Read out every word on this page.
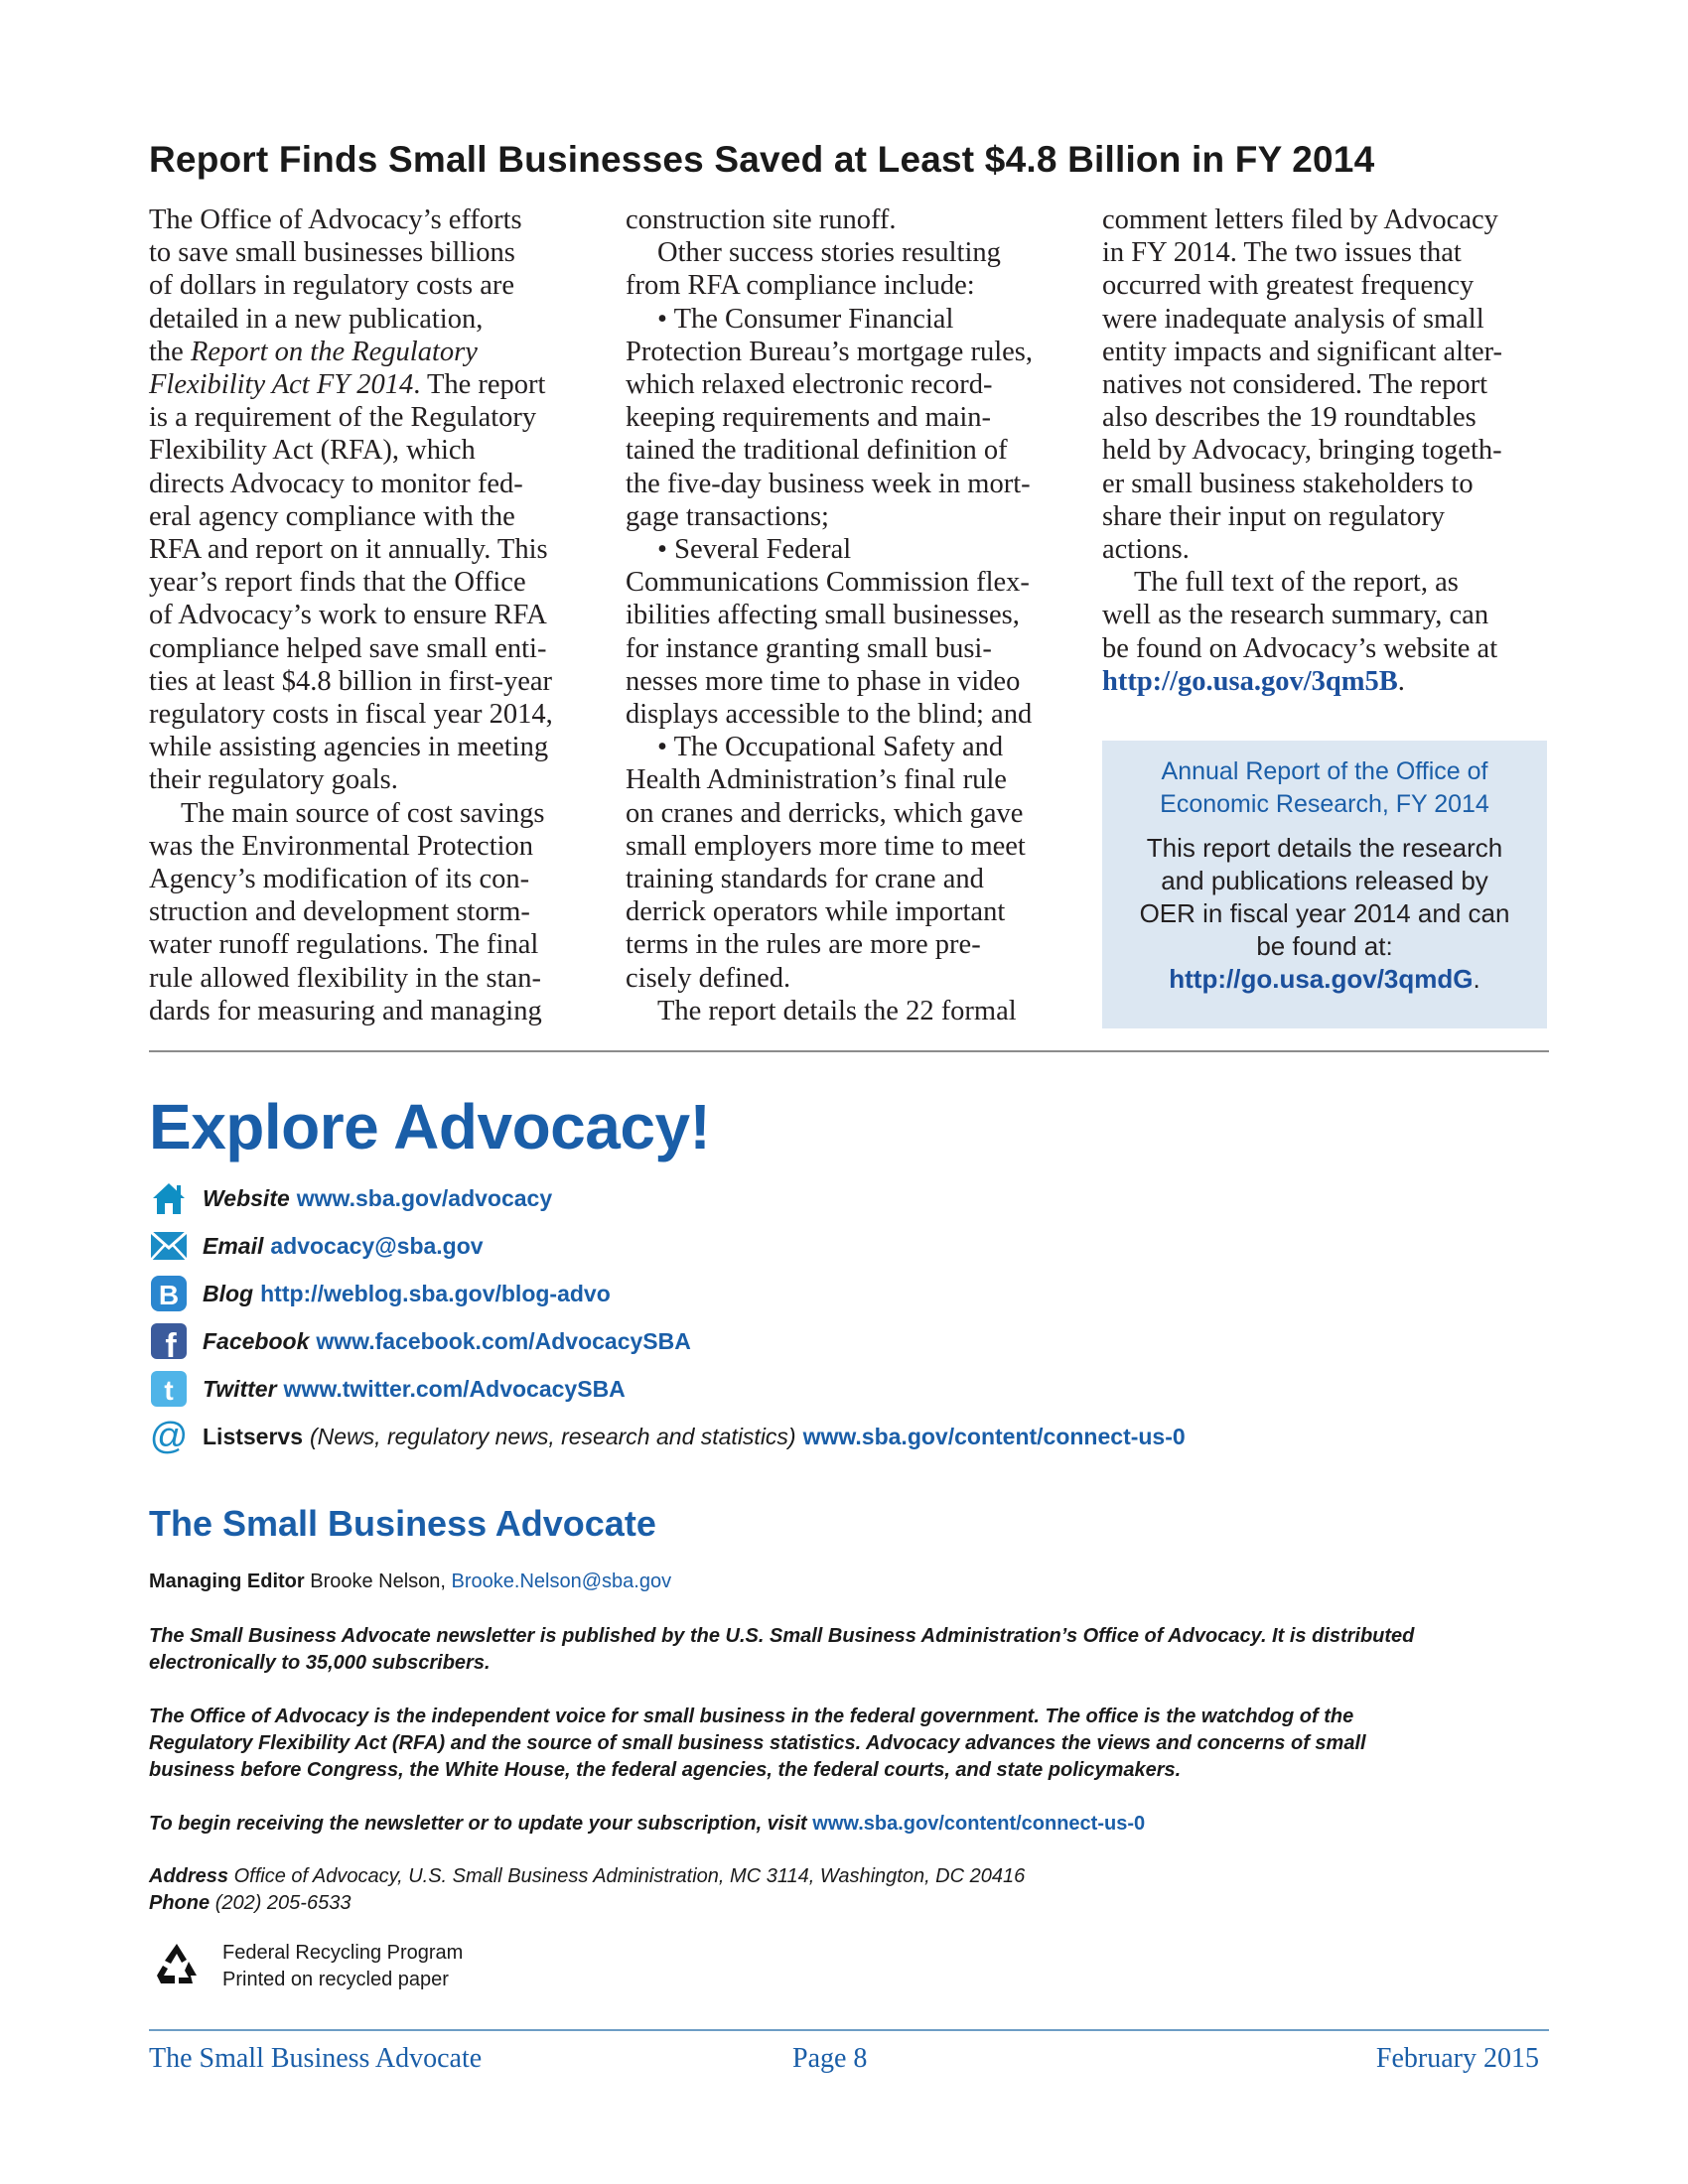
Report Finds Small Businesses Saved at Least $4.8 Billion in FY 2014

The Office of Advocacy’s efforts
to save small businesses billions
of dollars in regulatory costs are
detailed in a new publication,
the Report on the Regulatory
Flexibility Act FY 2014. The report
is a requirement of the Regulatory
Flexibility Act (RFA), which
directs Advocacy to monitor fed-
eral agency compliance with the
RFA and report on it annually. This
year’s report finds that the Office
of Advocacy’s work to ensure RFA
compliance helped save small enti-
ties at least $4.8 billion in first-year
regulatory costs in fiscal year 2014,
while assisting agencies in meeting
their regulatory goals.

The main source of cost savings

was the Environmental Protection
Agency’s modification of its con-
struction and development storm-
water runoff regulations. The final
rule allowed flexibility in the stan-
dards for measuring and managing

construction site runoff.

Other success stories resulting

from RFA compliance include:

• The Consumer Financial

Protection Bureau’s mortgage rules,
which relaxed electronic record-
keeping requirements and main-
tained the traditional definition of
the five-day business week in mort-
gage transactions;

• Several Federal

Communications Commission flex-
ibilities affecting small businesses,
for instance granting small busi-
nesses more time to phase in video
displays accessible to the blind; and

• The Occupational Safety and

Health Administration’s final rule
on cranes and derricks, which gave
small employers more time to meet
training standards for crane and
derrick operators while important
terms in the rules are more pre-
cisely defined.

The report details the 22 formal

comment letters filed by Advocacy
in FY 2014. The two issues that
occurred with greatest frequency
were inadequate analysis of small
entity impacts and significant alter-
natives not considered. The report
also describes the 19 roundtables
held by Advocacy, bringing togeth-
er small business stakeholders to
share their input on regulatory
actions.

The full text of the report, as

well as the research summary, can
be found on Advocacy’s website at
http://go.usa.gov/3qm5B.

Annual Report of the Office of
Economic Research, FY 2014
This report details the research
and publications released by
OER in fiscal year 2014 and can
be found at:
http://go.usa.gov/3qmdG.
Explore Advocacy!
Website www.sba.gov/advocacy
Email advocacy@sba.gov
B Blog http://weblog.sba.gov/blog-advo
f Facebook www.facebook.com/AdvocacySBA
t Twitter www.twitter.com/AdvocacySBA
@ Listservs (News, regulatory news, research and statistics) www.sba.gov/content/connect-us-0
The Small Business Advocate
Managing Editor Brooke Nelson, Brooke.Nelson@sba.gov
The Small Business Advocate newsletter is published by the U.S. Small Business Administration’s Office of Advocacy. It is distributed
electronically to 35,000 subscribers.
The Office of Advocacy is the independent voice for small business in the federal government. The office is the watchdog of the
Regulatory Flexibility Act (RFA) and the source of small business statistics. Advocacy advances the views and concerns of small
business before Congress, the White House, the federal agencies, the federal courts, and state policymakers.
To begin receiving the newsletter or to update your subscription, visit www.sba.gov/content/connect-us-0
Address Office of Advocacy, U.S. Small Business Administration, MC 3114, Washington, DC 20416
Phone (202) 205-6533
Federal Recycling Program
Printed on recycled paper
The Small Business Advocate	Page 8	February 2015
